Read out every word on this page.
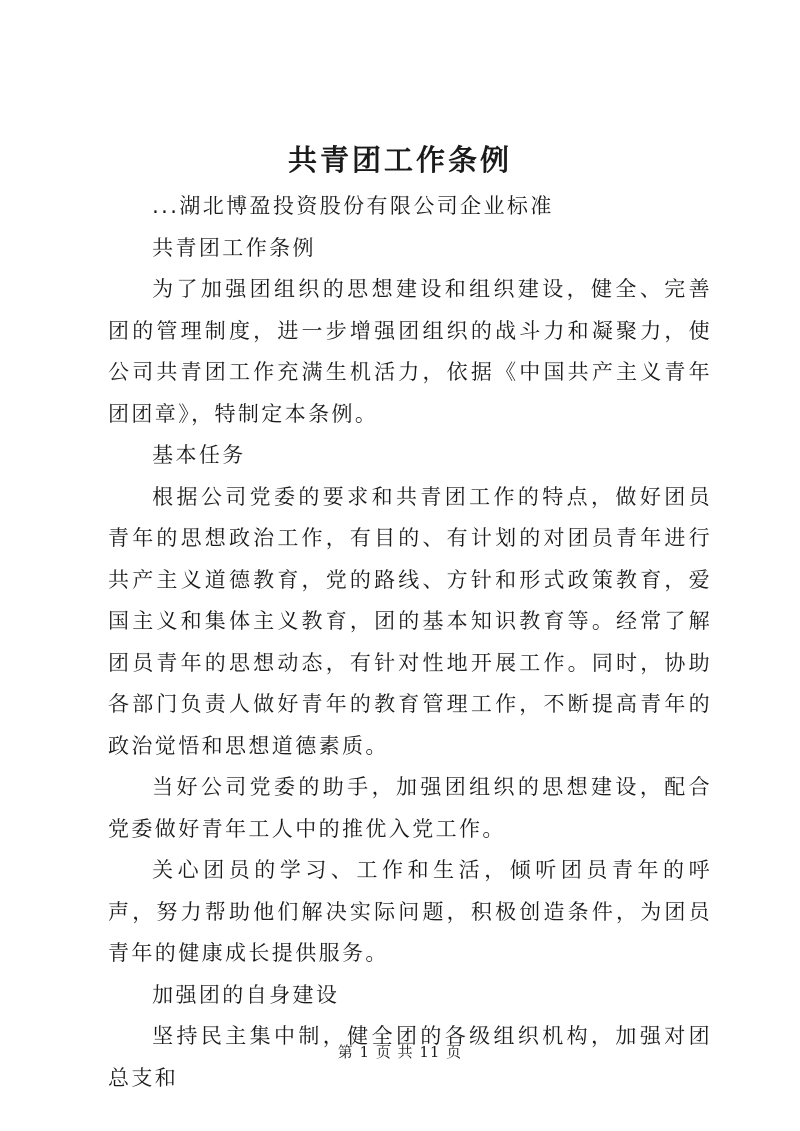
共青团工作条例

...湖北博盈投资股份有限公司企业标准

共青团工作条例

为了加强团组织的思想建设和组织建设，健全、完善团的管理制度，进一步增强团组织的战斗力和凝聚力，使公司共青团工作充满生机活力，依据《中国共产主义青年团团章》，特制定本条例。

基本任务

根据公司党委的要求和共青团工作的特点，做好团员青年的思想政治工作，有目的、有计划的对团员青年进行共产主义道德教育，党的路线、方针和形式政策教育，爱国主义和集体主义教育，团的基本知识教育等。经常了解团员青年的思想动态，有针对性地开展工作。同时，协助各部门负责人做好青年的教育管理工作，不断提高青年的政治觉悟和思想道德素质。

当好公司党委的助手，加强团组织的思想建设，配合党委做好青年工人中的推优入党工作。

关心团员的学习、工作和生活，倾听团员青年的呼声，努力帮助他们解决实际问题，积极创造条件，为团员青年的健康成长提供服务。

加强团的自身建设

坚持民主集中制，健全团的各级组织机构，加强对团总支和

第 1 页 共 11 页
